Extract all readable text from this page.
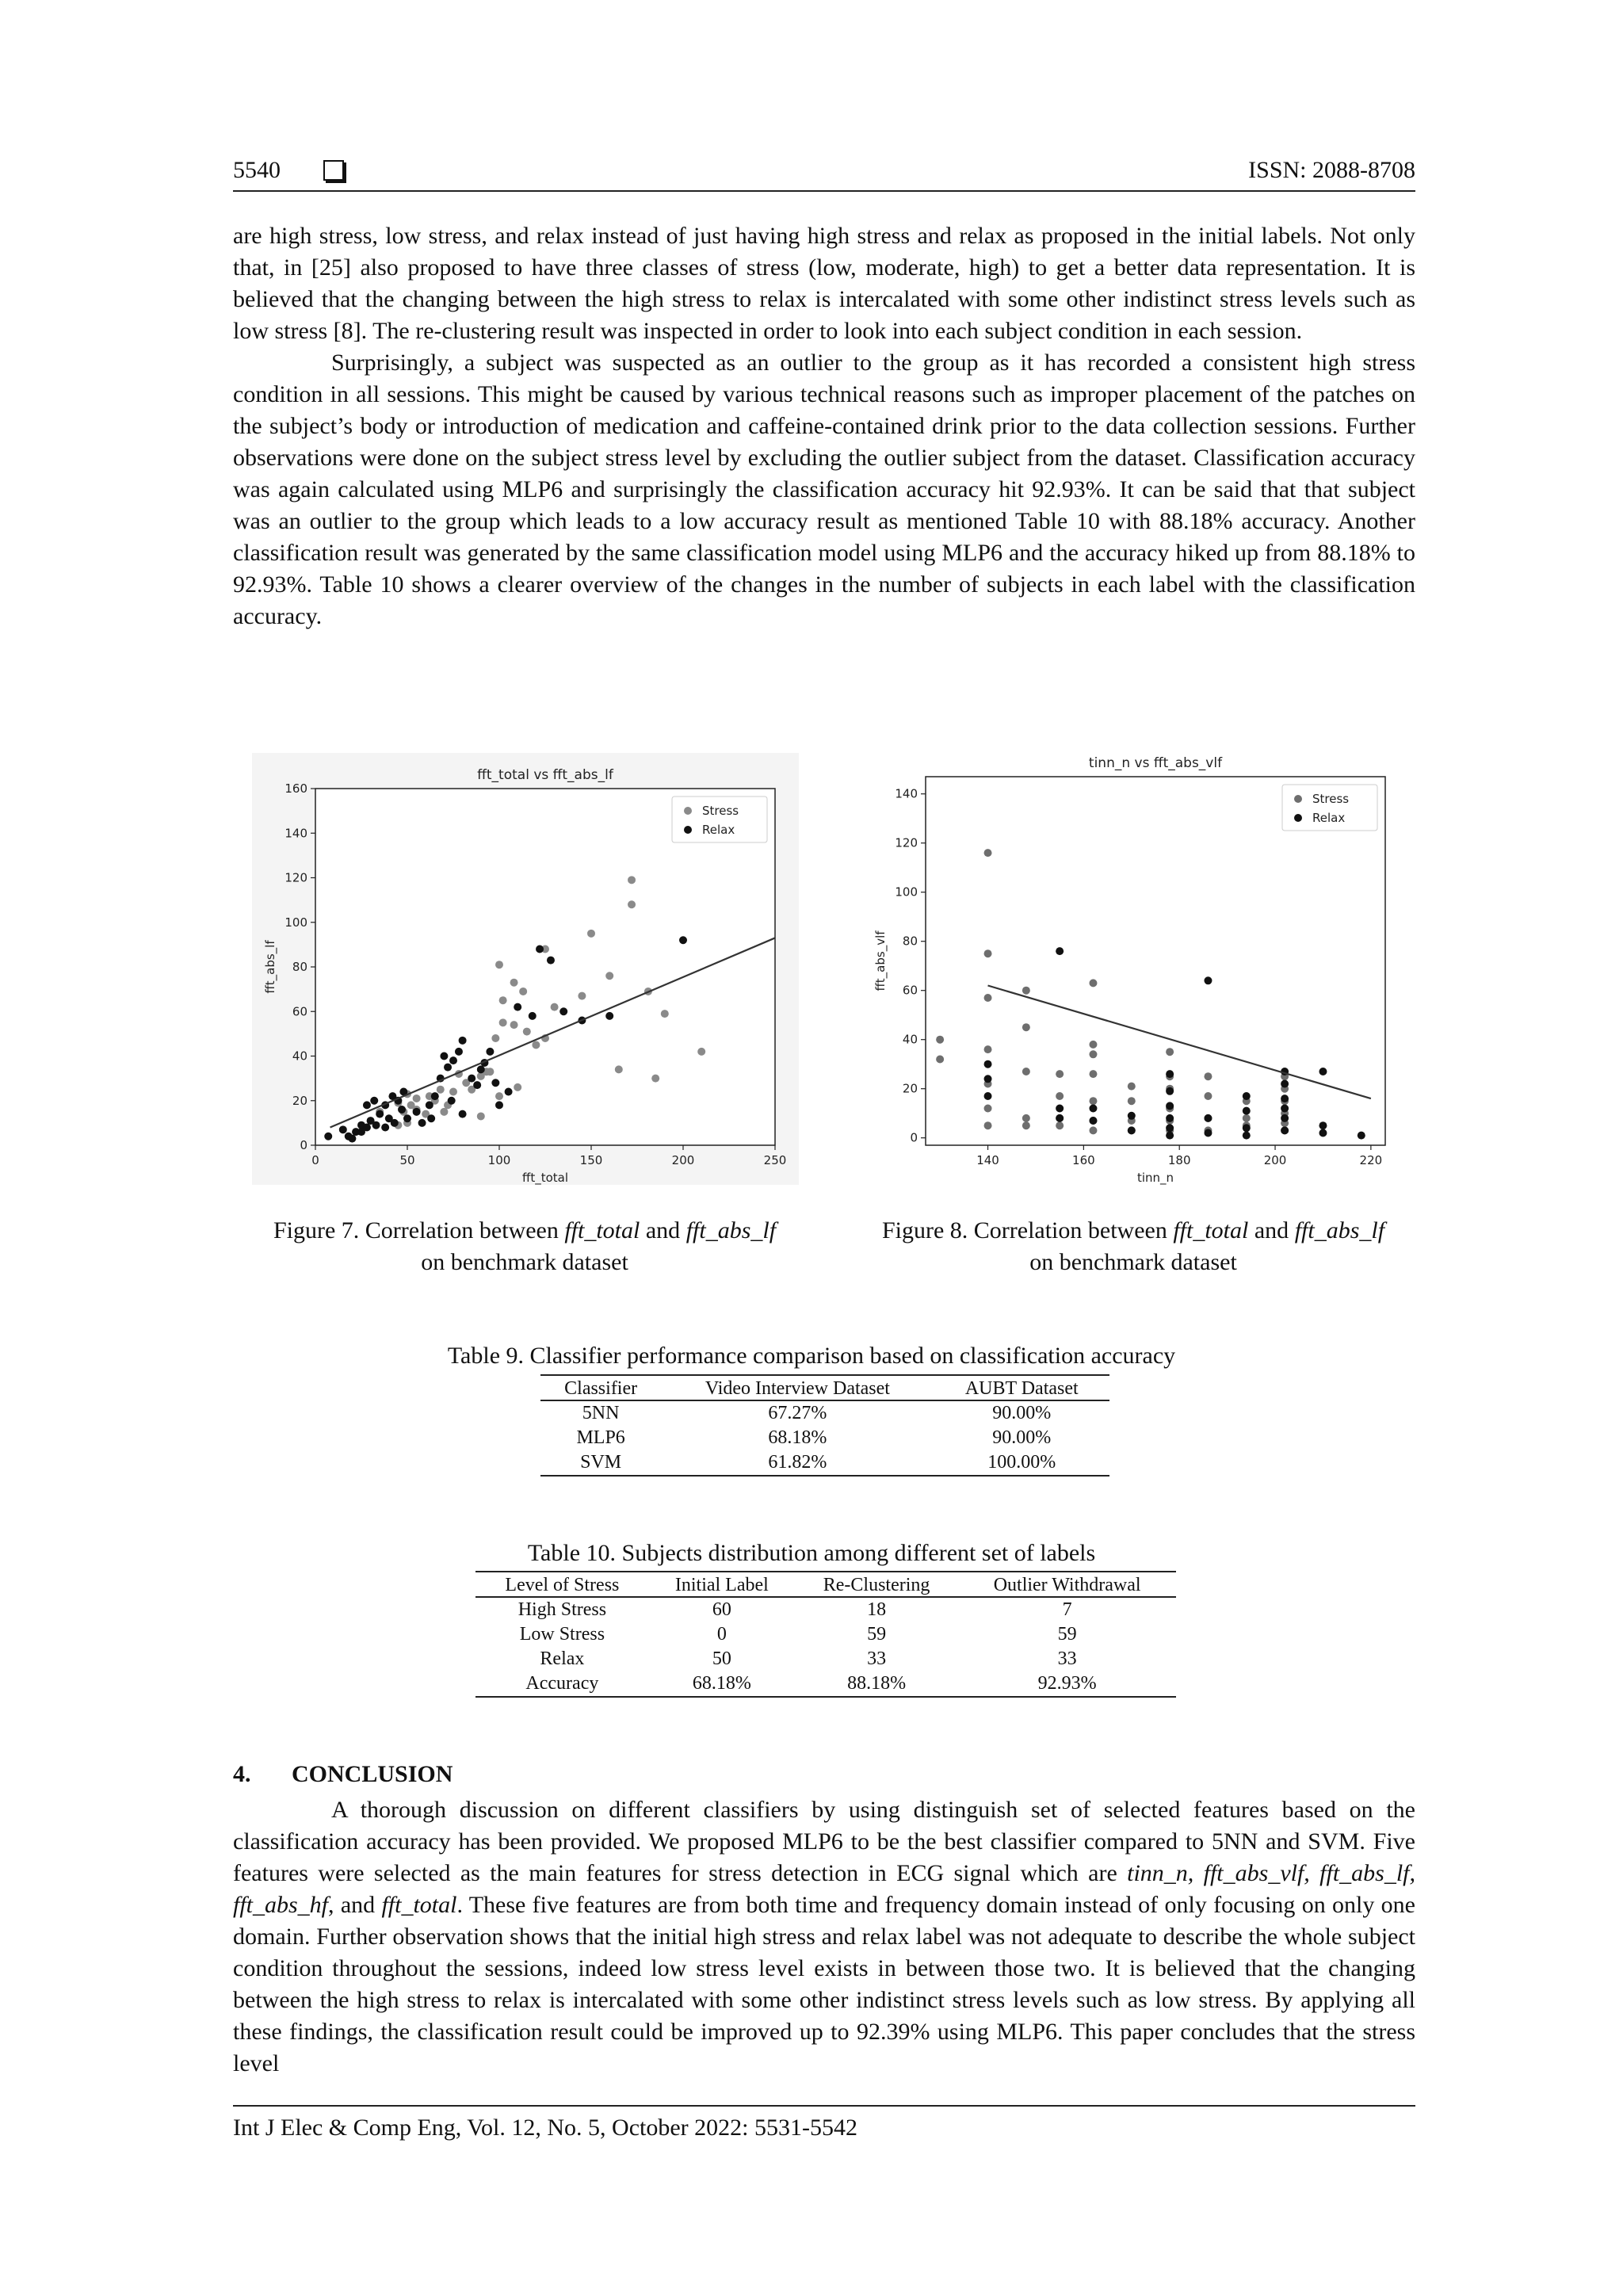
5540	ISSN: 2088-8708

are high stress, low stress, and relax instead of just having high stress and relax as proposed in the initial labels. Not only that, in [25] also proposed to have three classes of stress (low, moderate, high) to get a better data representation. It is believed that the changing between the high stress to relax is intercalated with some other indistinct stress levels such as low stress [8]. The re-clustering result was inspected in order to look into each subject condition in each session.

Surprisingly, a subject was suspected as an outlier to the group as it has recorded a consistent high stress condition in all sessions. This might be caused by various technical reasons such as improper placement of the patches on the subject’s body or introduction of medication and caffeine-contained drink prior to the data collection sessions. Further observations were done on the subject stress level by excluding the outlier subject from the dataset. Classification accuracy was again calculated using MLP6 and surprisingly the classification accuracy hit 92.93%. It can be said that that subject was an outlier to the group which leads to a low accuracy result as mentioned Table 10 with 88.18% accuracy. Another classification result was generated by the same classification model using MLP6 and the accuracy hiked up from 88.18% to 92.93%. Table 10 shows a clearer overview of the changes in the number of subjects in each label with the classification accuracy.

fft_total vs fft_abs_lf
0	50	100	150	200	250
0
20
40
60
80
100
120
140
160
fft_total
fft_abs_lf
Stress
Relax
Figure 7. Correlation between fft_total and fft_abs_lf
on benchmark dataset
tinn_n vs fft_abs_vlf
140	160	180	200	220
0
20
40
60
80
100
120
140
tinn_n
fft_abs_vlf
Stress
Relax
Figure 8. Correlation between fft_total and fft_abs_lf
on benchmark dataset
Table 9. Classifier performance comparison based on classification accuracy
Classifier	Video Interview Dataset	AUBT Dataset
5NN	67.27%	90.00%
MLP6	68.18%	90.00%
SVM	61.82%	100.00%
Table 10. Subjects distribution among different set of labels
Level of Stress	Initial Label	Re-Clustering	Outlier Withdrawal
High Stress	60	18	7
Low Stress	0	59	59
Relax	50	33	33
Accuracy	68.18%	88.18%	92.93%
4. CONCLUSION

A thorough discussion on different classifiers by using distinguish set of selected features based on the classification accuracy has been provided. We proposed MLP6 to be the best classifier compared to 5NN and SVM. Five features were selected as the main features for stress detection in ECG signal which are tinn_n, fft_abs_vlf, fft_abs_lf, fft_abs_hf, and fft_total. These five features are from both time and frequency domain instead of only focusing on only one domain. Further observation shows that the initial high stress and relax label was not adequate to describe the whole subject condition throughout the sessions, indeed low stress level exists in between those two. It is believed that the changing between the high stress to relax is intercalated with some other indistinct stress levels such as low stress. By applying all these findings, the classification result could be improved up to 92.39% using MLP6. This paper concludes that the stress level

Int J Elec & Comp Eng, Vol. 12, No. 5, October 2022: 5531-5542
